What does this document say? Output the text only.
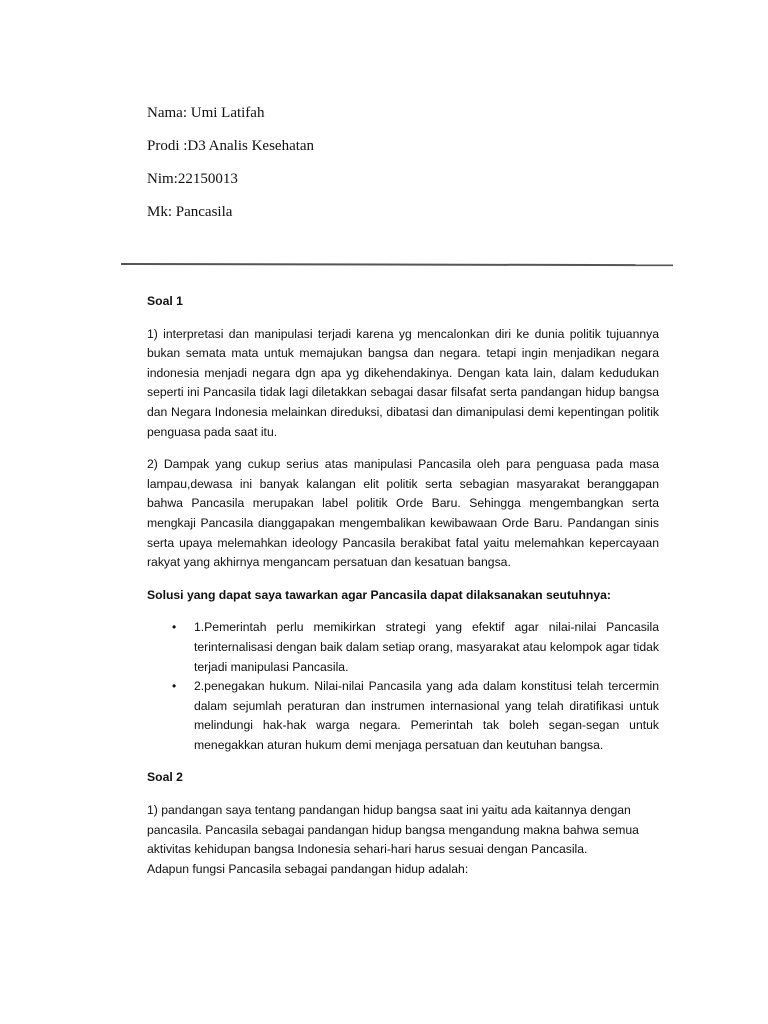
Nama: Umi Latifah
Prodi :D3 Analis Kesehatan
Nim:22150013
Mk: Pancasila
Soal 1

1) interpretasi dan manipulasi terjadi karena yg mencalonkan diri ke dunia politik tujuannya bukan semata mata untuk memajukan bangsa dan negara. tetapi ingin menjadikan negara indonesia menjadi negara dgn apa yg dikehendakinya. Dengan kata lain, dalam kedudukan seperti ini Pancasila tidak lagi diletakkan sebagai dasar filsafat serta pandangan hidup bangsa dan Negara Indonesia melainkan direduksi, dibatasi dan dimanipulasi demi kepentingan politik penguasa pada saat itu.

2) Dampak yang cukup serius atas manipulasi Pancasila oleh para penguasa pada masa lampau,dewasa ini banyak kalangan elit politik serta sebagian masyarakat beranggapan bahwa Pancasila merupakan label politik Orde Baru. Sehingga mengembangkan serta mengkaji Pancasila dianggapakan mengembalikan kewibawaan Orde Baru. Pandangan sinis serta upaya melemahkan ideology Pancasila berakibat fatal yaitu melemahkan kepercayaan rakyat yang akhirnya mengancam persatuan dan kesatuan bangsa.

Solusi yang dapat saya tawarkan agar Pancasila dapat dilaksanakan seutuhnya:
• 1.Pemerintah perlu memikirkan strategi yang efektif agar nilai-nilai Pancasila terinternalisasi dengan baik dalam setiap orang, masyarakat atau kelompok agar tidak terjadi manipulasi Pancasila.
• 2.penegakan hukum. Nilai-nilai Pancasila yang ada dalam konstitusi telah tercermin dalam sejumlah peraturan dan instrumen internasional yang telah diratifikasi untuk melindungi hak-hak warga negara. Pemerintah tak boleh segan-segan untuk menegakkan aturan hukum demi menjaga persatuan dan keutuhan bangsa.
Soal 2

1) pandangan saya tentang pandangan hidup bangsa saat ini yaitu ada kaitannya dengan pancasila. Pancasila sebagai pandangan hidup bangsa mengandung makna bahwa semua aktivitas kehidupan bangsa Indonesia sehari-hari harus sesuai dengan Pancasila.

Adapun fungsi Pancasila sebagai pandangan hidup adalah:
